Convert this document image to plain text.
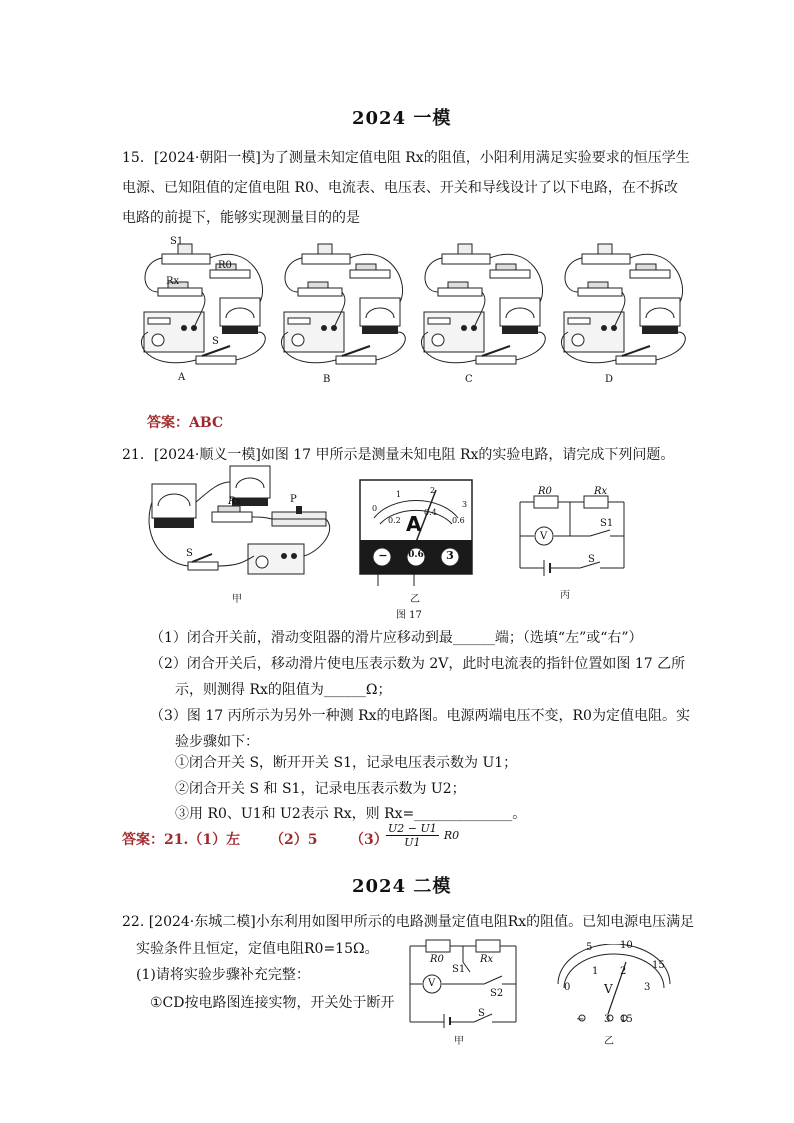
2024 一模
15．[2024·朝阳一模]为了测量未知定值电阻 Rx的阻值，小阳利用满足实验要求的恒压学生
电源、已知阻值的定值电阻 R0、电流表、电压表、开关和导线设计了以下电路，在不拆改
电路的前提下，能够实现测量目的的是
A	B	C	D
S1
R0
Rx
S
答案：ABC
21．[2024·顺义一模]如图 17 甲所示是测量未知电阻 Rx的实验电路，请完成下列问题。
Rx	P
S
甲
0
1	2
3
0.2
0.4
0.6
A
−	0.6 3
乙
R0	Rx
V
S1
S
丙
图 17
（1）闭合开关前，滑动变阻器的滑片应移动到最______端；（选填“左”或“右”）
（2）闭合开关后，移动滑片使电压表示数为 2V，此时电流表的指针位置如图 17 乙所
示，则测得 Rx的阻值为______Ω；
（3）图 17 丙所示为另外一种测 Rx的电路图。电源两端电压不变，R0为定值电阻。实
验步骤如下：
①闭合开关 S，断开开关 S1，记录电压表示数为 U1；
②闭合开关 S 和 S1，记录电压表示数为 U2；
③用 R0、U1和 U2表示 Rx，则 Rx=______________。
答案：21.（1）左 （2）5 （3）
$\frac{U2 - U1}{U1} R0$
2024 二模
22. [2024·东城二模]小东利用如图甲所示的电路测量定值电阻Rx的阻值。已知电源电压满足
实验条件且恒定，定值电阻R0=15Ω。
(1)请将实验步骤补充完整：
①CD按电路图连接实物，开关处于断开
R0	Rx
S1
V
S2
S
甲
5	10
15
0
1 2
3
V
− 3 15
乙
